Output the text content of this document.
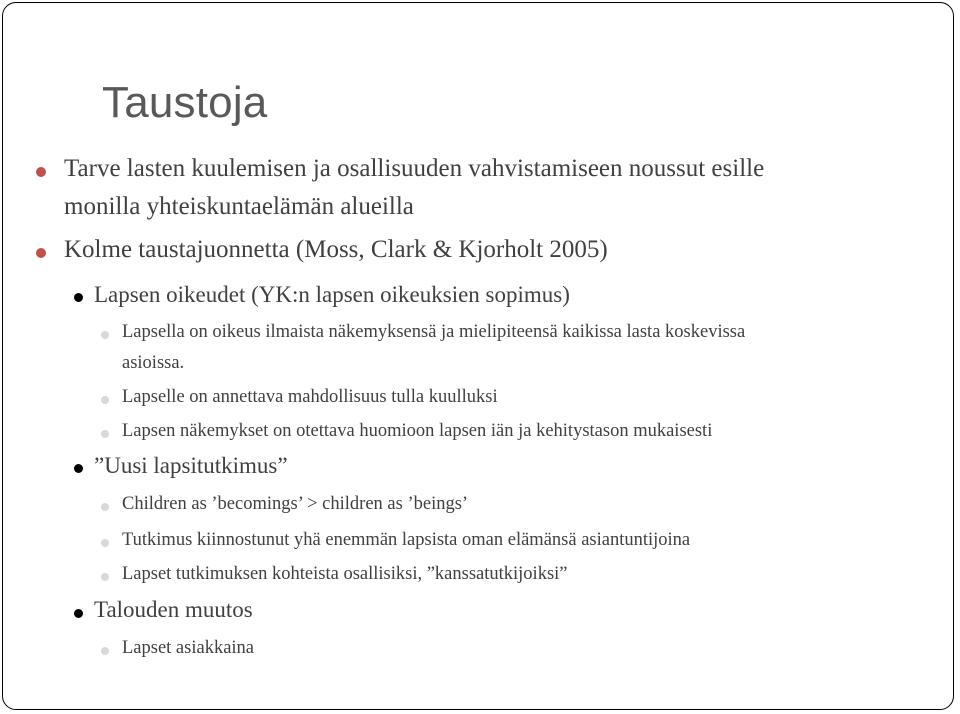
Taustoja

Tarve lasten kuulemisen ja osallisuuden vahvistamiseen noussut esille

monilla yhteiskuntaelämän alueilla

Kolme taustajuonnetta (Moss, Clark & Kjorholt 2005)

Lapsen oikeudet (YK:n lapsen oikeuksien sopimus)

Lapsella on oikeus ilmaista näkemyksensä ja mielipiteensä kaikissa lasta koskevissa

asioissa.

Lapselle on annettava mahdollisuus tulla kuulluksi

Lapsen näkemykset on otettava huomioon lapsen iän ja kehitystason mukaisesti

”Uusi lapsitutkimus”

Children as ’becomings’ > children as ’beings’

Tutkimus kiinnostunut yhä enemmän lapsista oman elämänsä asiantuntijoina

Lapset tutkimuksen kohteista osallisiksi, ”kanssatutkijoiksi”

Talouden muutos

Lapset asiakkaina
